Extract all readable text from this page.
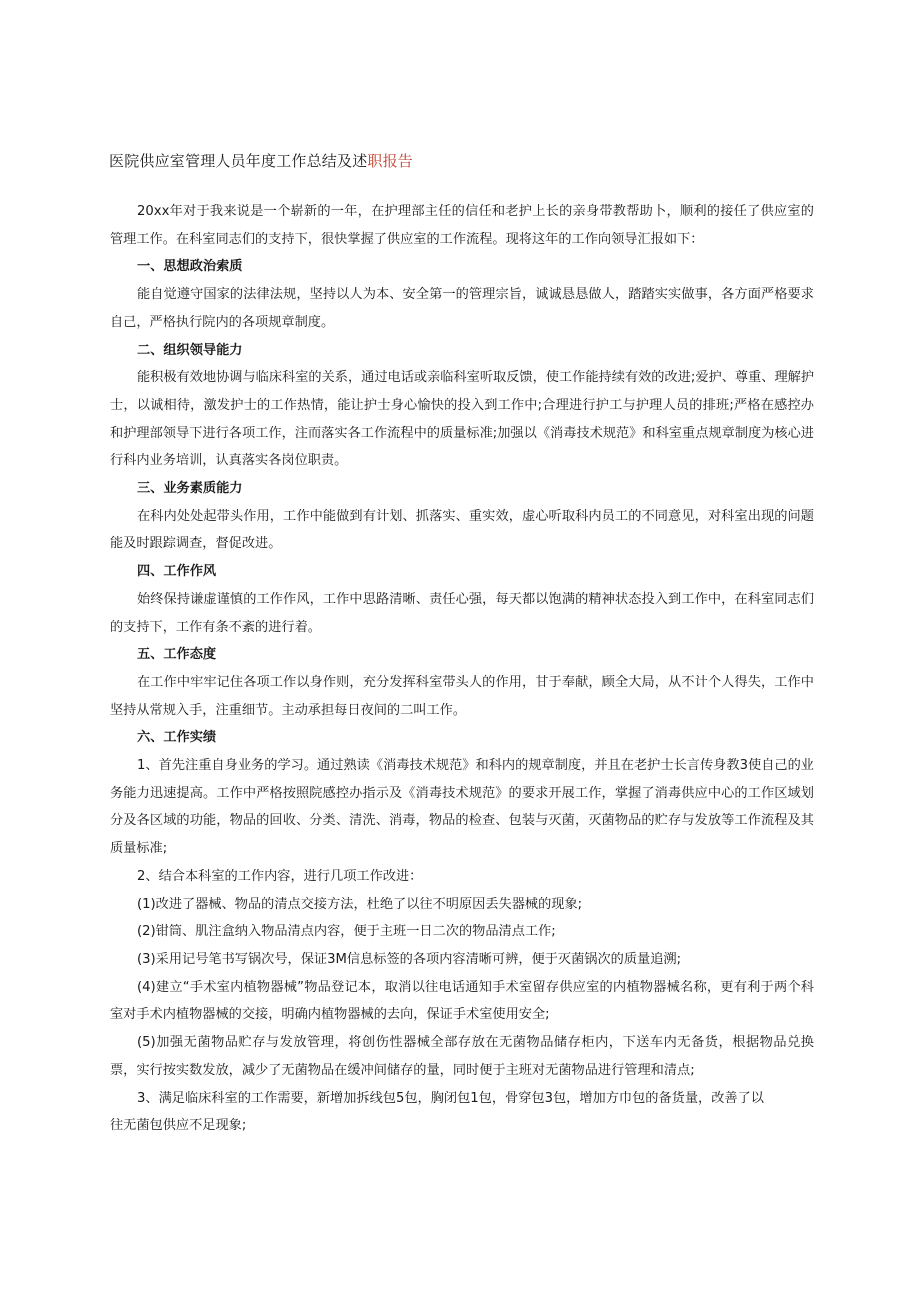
医院供应室管理人员年度工作总结及述职报告

20xx年对于我来说是一个崭新的一年，在护理部主任的信任和老护上长的亲身带教帮助卜，顺利的接任了供应室的管理工作。在科室同志们的支持下，很快掌握了供应室的工作流程。现将这年的工作向领导汇报如下：

一、思想政治索质

能自觉遵守国家的法律法规，坚持以人为本、安全第一的管理宗旨，诚诚恳恳做人，踏踏实实做事，各方面严格要求自己，严格执行院内的各项规章制度。

二、组织领导能力

能积极有效地协调与临床科室的关系，通过电话或亲临科室听取反馈，使工作能持续有效的改进;爱护、尊重、理解护士，以诚相待，激发护士的工作热情，能让护士身心愉快的投入到工作中;合理进行护工与护理人员的排班;严格在感控办和护理部领导下进行各项工作，注而落实各工作流程中的质量标准;加强以《消毒技术规范》和科室重点规章制度为核心进行科内业务培训，认真落实各岗位职责。

三、业务素质能力

在科内处处起带头作用，工作中能做到有计划、抓落实、重实效，虚心听取科内员工的不同意见，对科室出现的问题能及时跟踪调查，督促改进。

四、工作作风

始终保持谦虚谨慎的工作作风，工作中思路清晰、责任心强，每天都以饱满的精神状态投入到工作中，在科室同志们的支持下，工作有条不紊的进行着。

五、工作态度

在工作中牢牢记住各项工作以身作则，充分发挥科室带头人的作用，甘于奉献，顾全大局，从不计个人得失，工作中坚持从常规入手，注重细节。主动承担每日夜间的二叫工作。

六、工作实绩

1、首先注重自身业务的学习。通过熟读《消毒技术规范》和科内的规章制度，并且在老护士长言传身教3使自己的业务能力迅速提高。工作中严格按照院感控办指示及《消毒技术规范》的要求开展工作，掌握了消毒供应中心的工作区域划分及各区域的功能，物品的回收、分类、清洗、消毒，物品的检查、包装与灭菌，灭菌物品的贮存与发放等工作流程及其质量标准;

2、结合本科室的工作内容，进行几项工作改进：

(1)改进了器械、物品的清点交接方法，杜绝了以往不明原因丢失器械的现象;

(2)钳筒、肌注盒纳入物品清点内容，便于主班一日二次的物品清点工作;

(3)采用记号笔书写锅次号，保证3M信息标签的各项内容清晰可辨，便于灭菌锅次的质量追溯;

(4)建立“手术室内植物器械”物品登记本，取消以往电话通知手术室留存供应室的内植物器械名称，更有利于两个科室对手术内植物器械的交接，明确内植物器械的去向，保证手术室使用安全;

(5)加强无菌物品贮存与发放管理，将创伤性器械全部存放在无菌物品储存柜内，下送车内无备货，根据物品兑换票，实行按实数发放，减少了无菌物品在缓冲间储存的量，同时便于主班对无菌物品进行管理和清点;

3、满足临床科室的工作需要，新增加拆线包5包，胸闭包1包，骨穿包3包，增加方巾包的备货量，改善了以

往无菌包供应不足现象;
